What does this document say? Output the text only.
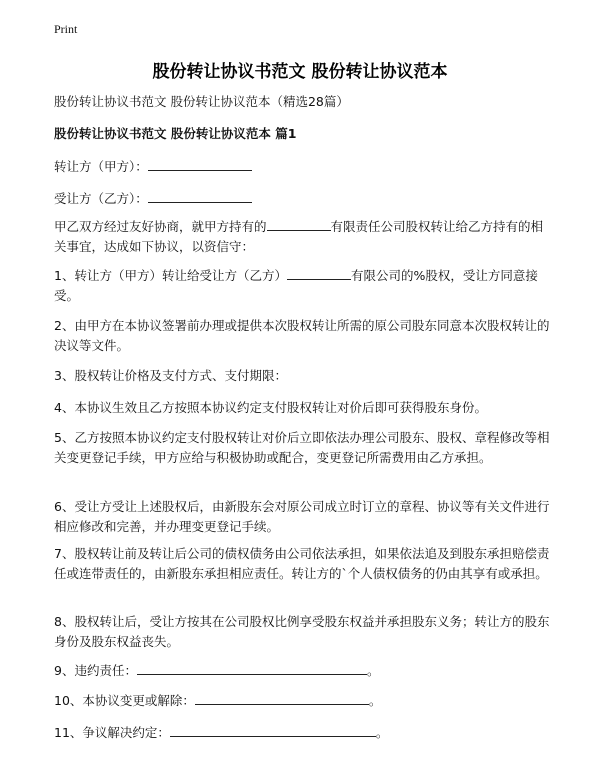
Print
股份转让协议书范文 股份转让协议范本
股份转让协议书范文 股份转让协议范本（精选28篇）
股份转让协议书范文 股份转让协议范本 篇1
转让方（甲方）：
受让方（乙方）：
甲乙双方经过友好协商，就甲方持有的	有限责任公司股权转让给乙方持有的相关事宜，达成如下协议，以资信守：
1、转让方（甲方）转让给受让方（乙方）	有限公司的%股权，受让方同意接受。
2、由甲方在本协议签署前办理或提供本次股权转让所需的原公司股东同意本次股权转让的决议等文件。
3、股权转让价格及支付方式、支付期限：
4、本协议生效且乙方按照本协议约定支付股权转让对价后即可获得股东身份。
5、乙方按照本协议约定支付股权转让对价后立即依法办理公司股东、股权、章程修改等相关变更登记手续，甲方应给与积极协助或配合，变更登记所需费用由乙方承担。
6、受让方受让上述股权后，由新股东会对原公司成立时订立的章程、协议等有关文件进行相应修改和完善，并办理变更登记手续。
7、股权转让前及转让后公司的债权债务由公司依法承担，如果依法追及到股东承担赔偿责任或连带责任的，由新股东承担相应责任。转让方的`个人债权债务的仍由其享有或承担。
8、股权转让后，受让方按其在公司股权比例享受股东权益并承担股东义务；转让方的股东身份及股东权益丧失。
9、违约责任：	。
10、本协议变更或解除：	。
11、争议解决约定：	。
